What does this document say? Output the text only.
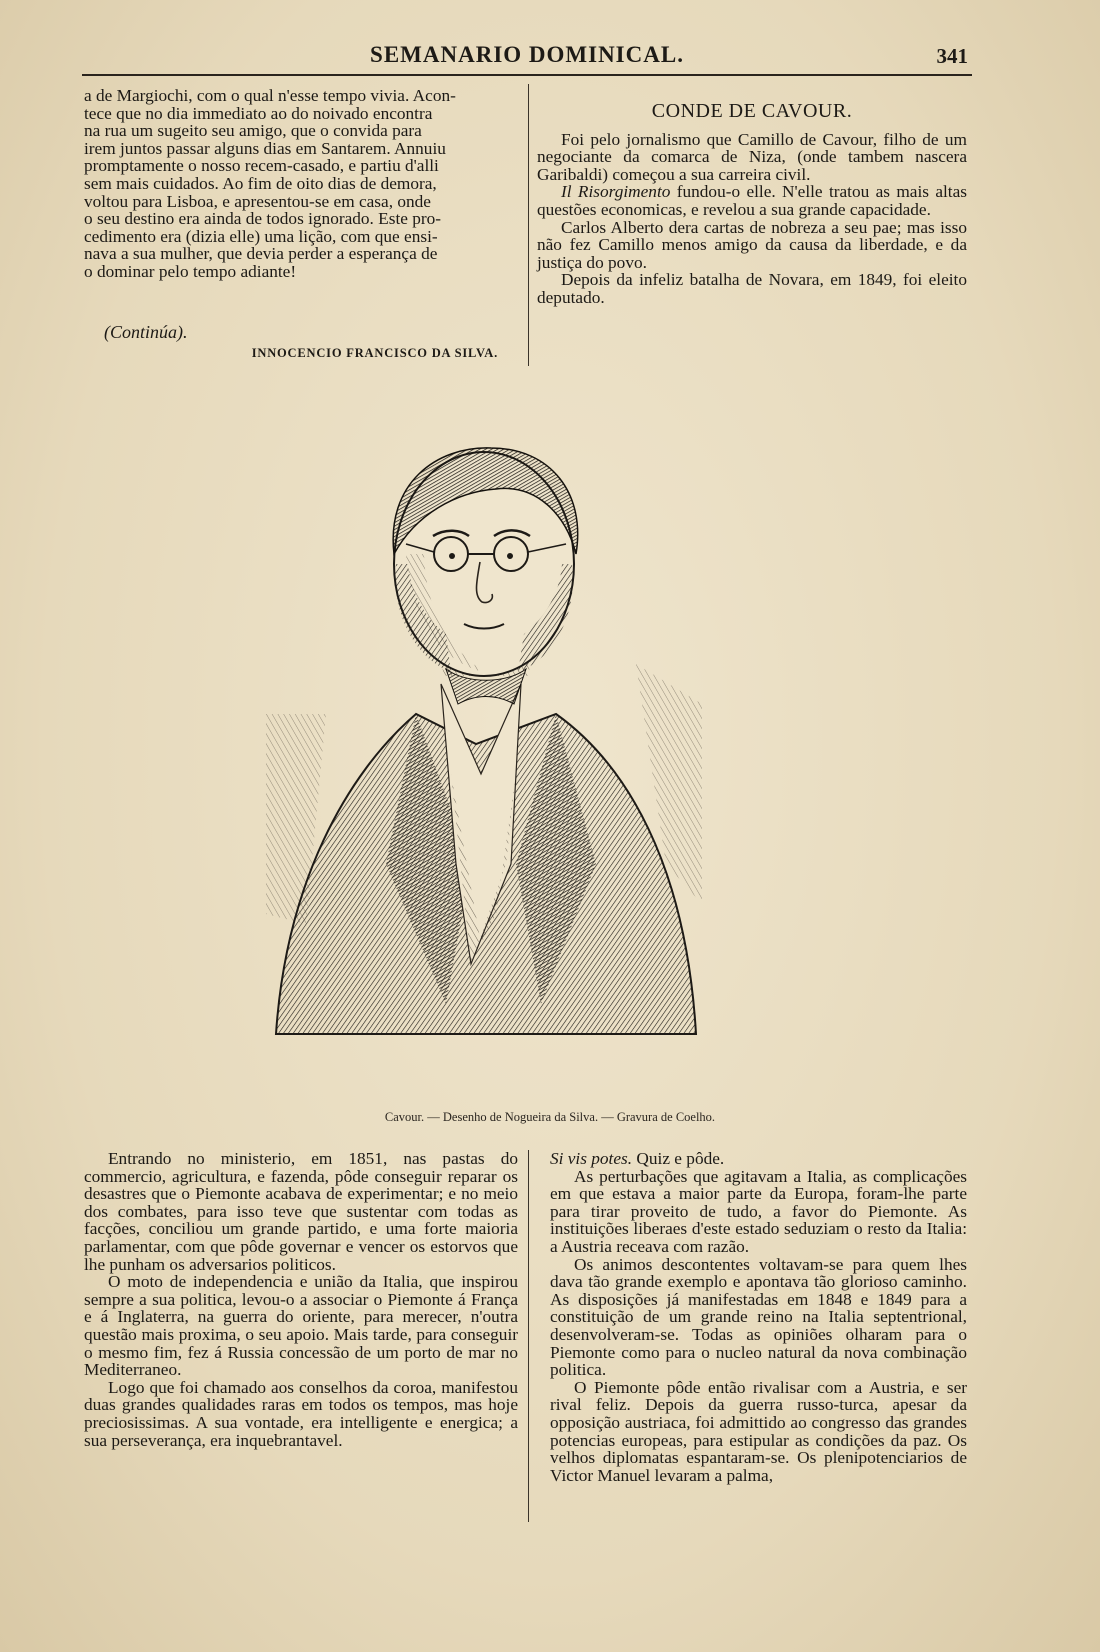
SEMANARIO DOMINICAL.	341

a de Margiochi, com o qual n'esse tempo vivia. Acon-

tece que no dia immediato ao do noivado encontra

na rua um sugeito seu amigo, que o convida para

irem juntos passar alguns dias em Santarem. Annuiu

promptamente o nosso recem-casado, e partiu d'alli

sem mais cuidados. Ao fim de oito dias de demora,

voltou para Lisboa, e apresentou-se em casa, onde

o seu destino era ainda de todos ignorado. Este pro-

cedimento era (dizia elle) uma lição, com que ensi-

nava a sua mulher, que devia perder a esperança de

o dominar pelo tempo adiante!

(Continúa).
INNOCENCIO FRANCISCO DA SILVA.

CONDE DE CAVOUR.

Foi pelo jornalismo que Camillo de Cavour, filho de um negociante da comarca de Niza, (onde tambem nascera Garibaldi) começou a sua carreira civil.

Il Risorgimento fundou-o elle. N'elle tratou as mais altas questões economicas, e revelou a sua grande capacidade.

Carlos Alberto dera cartas de nobreza a seu pae; mas isso não fez Camillo menos amigo da causa da liberdade, e da justiça do povo.

Depois da infeliz batalha de Novara, em 1849, foi eleito deputado.

Cavour. — Desenho de Nogueira da Silva. — Gravura de Coelho.

Entrando no ministerio, em 1851, nas pastas do commercio, agricultura, e fazenda, pôde conseguir reparar os desastres que o Piemonte acabava de experimentar; e no meio dos combates, para isso teve que sustentar com todas as facções, conciliou um grande partido, e uma forte maioria parlamentar, com que pôde governar e vencer os estorvos que lhe punham os adversarios politicos.

O moto de independencia e união da Italia, que inspirou sempre a sua politica, levou-o a associar o Piemonte á França e á Inglaterra, na guerra do oriente, para merecer, n'outra questão mais proxima, o seu apoio. Mais tarde, para conseguir o mesmo fim, fez á Russia concessão de um porto de mar no Mediterraneo.

Logo que foi chamado aos conselhos da coroa, manifestou duas grandes qualidades raras em todos os tempos, mas hoje preciosissimas. A sua vontade, era intelligente e energica; a sua perseverança, era inquebrantavel.

Si vis potes. Quiz e pôde.

As perturbações que agitavam a Italia, as complicações em que estava a maior parte da Europa, foram-lhe parte para tirar proveito de tudo, a favor do Piemonte. As instituições liberaes d'este estado seduziam o resto da Italia: a Austria receava com razão.

Os animos descontentes voltavam-se para quem lhes dava tão grande exemplo e apontava tão glorioso caminho. As disposições já manifestadas em 1848 e 1849 para a constituição de um grande reino na Italia septentrional, desenvolveram-se. Todas as opiniões olharam para o Piemonte como para o nucleo natural da nova combinação politica.

O Piemonte pôde então rivalisar com a Austria, e ser rival feliz. Depois da guerra russo-turca, apesar da opposição austriaca, foi admittido ao congresso das grandes potencias europeas, para estipular as condições da paz. Os velhos diplomatas espantaram-se. Os plenipotenciarios de Victor Manuel levaram a palma,
